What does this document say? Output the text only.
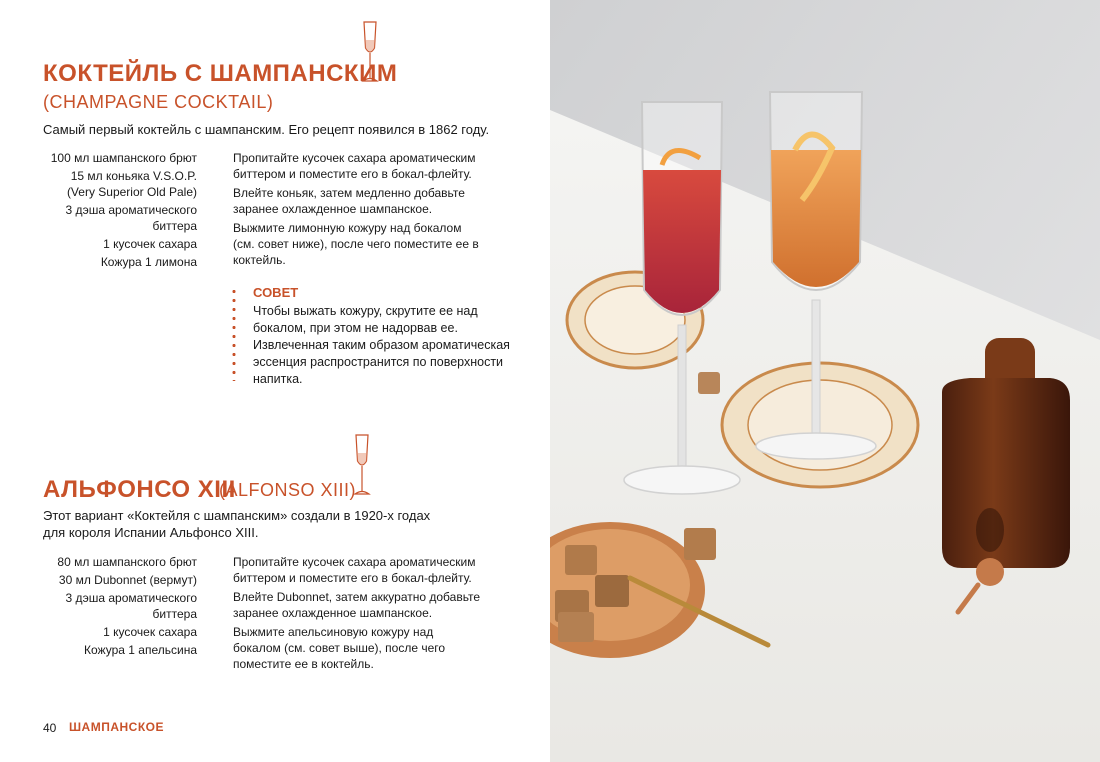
КОКТЕЙЛЬ С ШАМПАНСКИМ
(CHAMPAGNE COCKTAIL)

Самый первый коктейль с шампанским. Его рецепт появился в 1862 году.

100 мл шампанского брют
15 мл коньяка V.S.O.P.
(Very Superior Old Pale)
3 дэша ароматического
биттера
1 кусочек сахара
Кожура 1 лимона

Пропитайте кусочек сахара ароматическим биттером и поместите его в бокал-флейту.

Влейте коньяк, затем медленно добавьте заранее охлажденное шампанское.

Выжмите лимонную кожуру над бокалом (см. совет ниже), после чего поместите ее в коктейль.

СОВЕТ

Чтобы выжать кожуру, скрутите ее над бокалом, при этом не надорвав ее. Извлеченная таким образом ароматическая эссенция распространится по поверхности напитка.

АЛЬФОНСО XIII
(ALFONSO XIII)

Этот вариант «Коктейля с шампанским» создали в 1920-х годах для короля Испании Альфонсо XIII.

80 мл шампанского брют
30 мл Dubonnet (вермут)
3 дэша ароматического
биттера
1 кусочек сахара
Кожура 1 апельсина

Пропитайте кусочек сахара ароматическим биттером и поместите его в бокал-флейту.

Влейте Dubonnet, затем аккуратно добавьте заранее охлажденное шампанское.

Выжмите апельсиновую кожуру над бокалом (см. совет выше), после чего поместите ее в коктейль.

40 ШАМПАНСКОЕ
